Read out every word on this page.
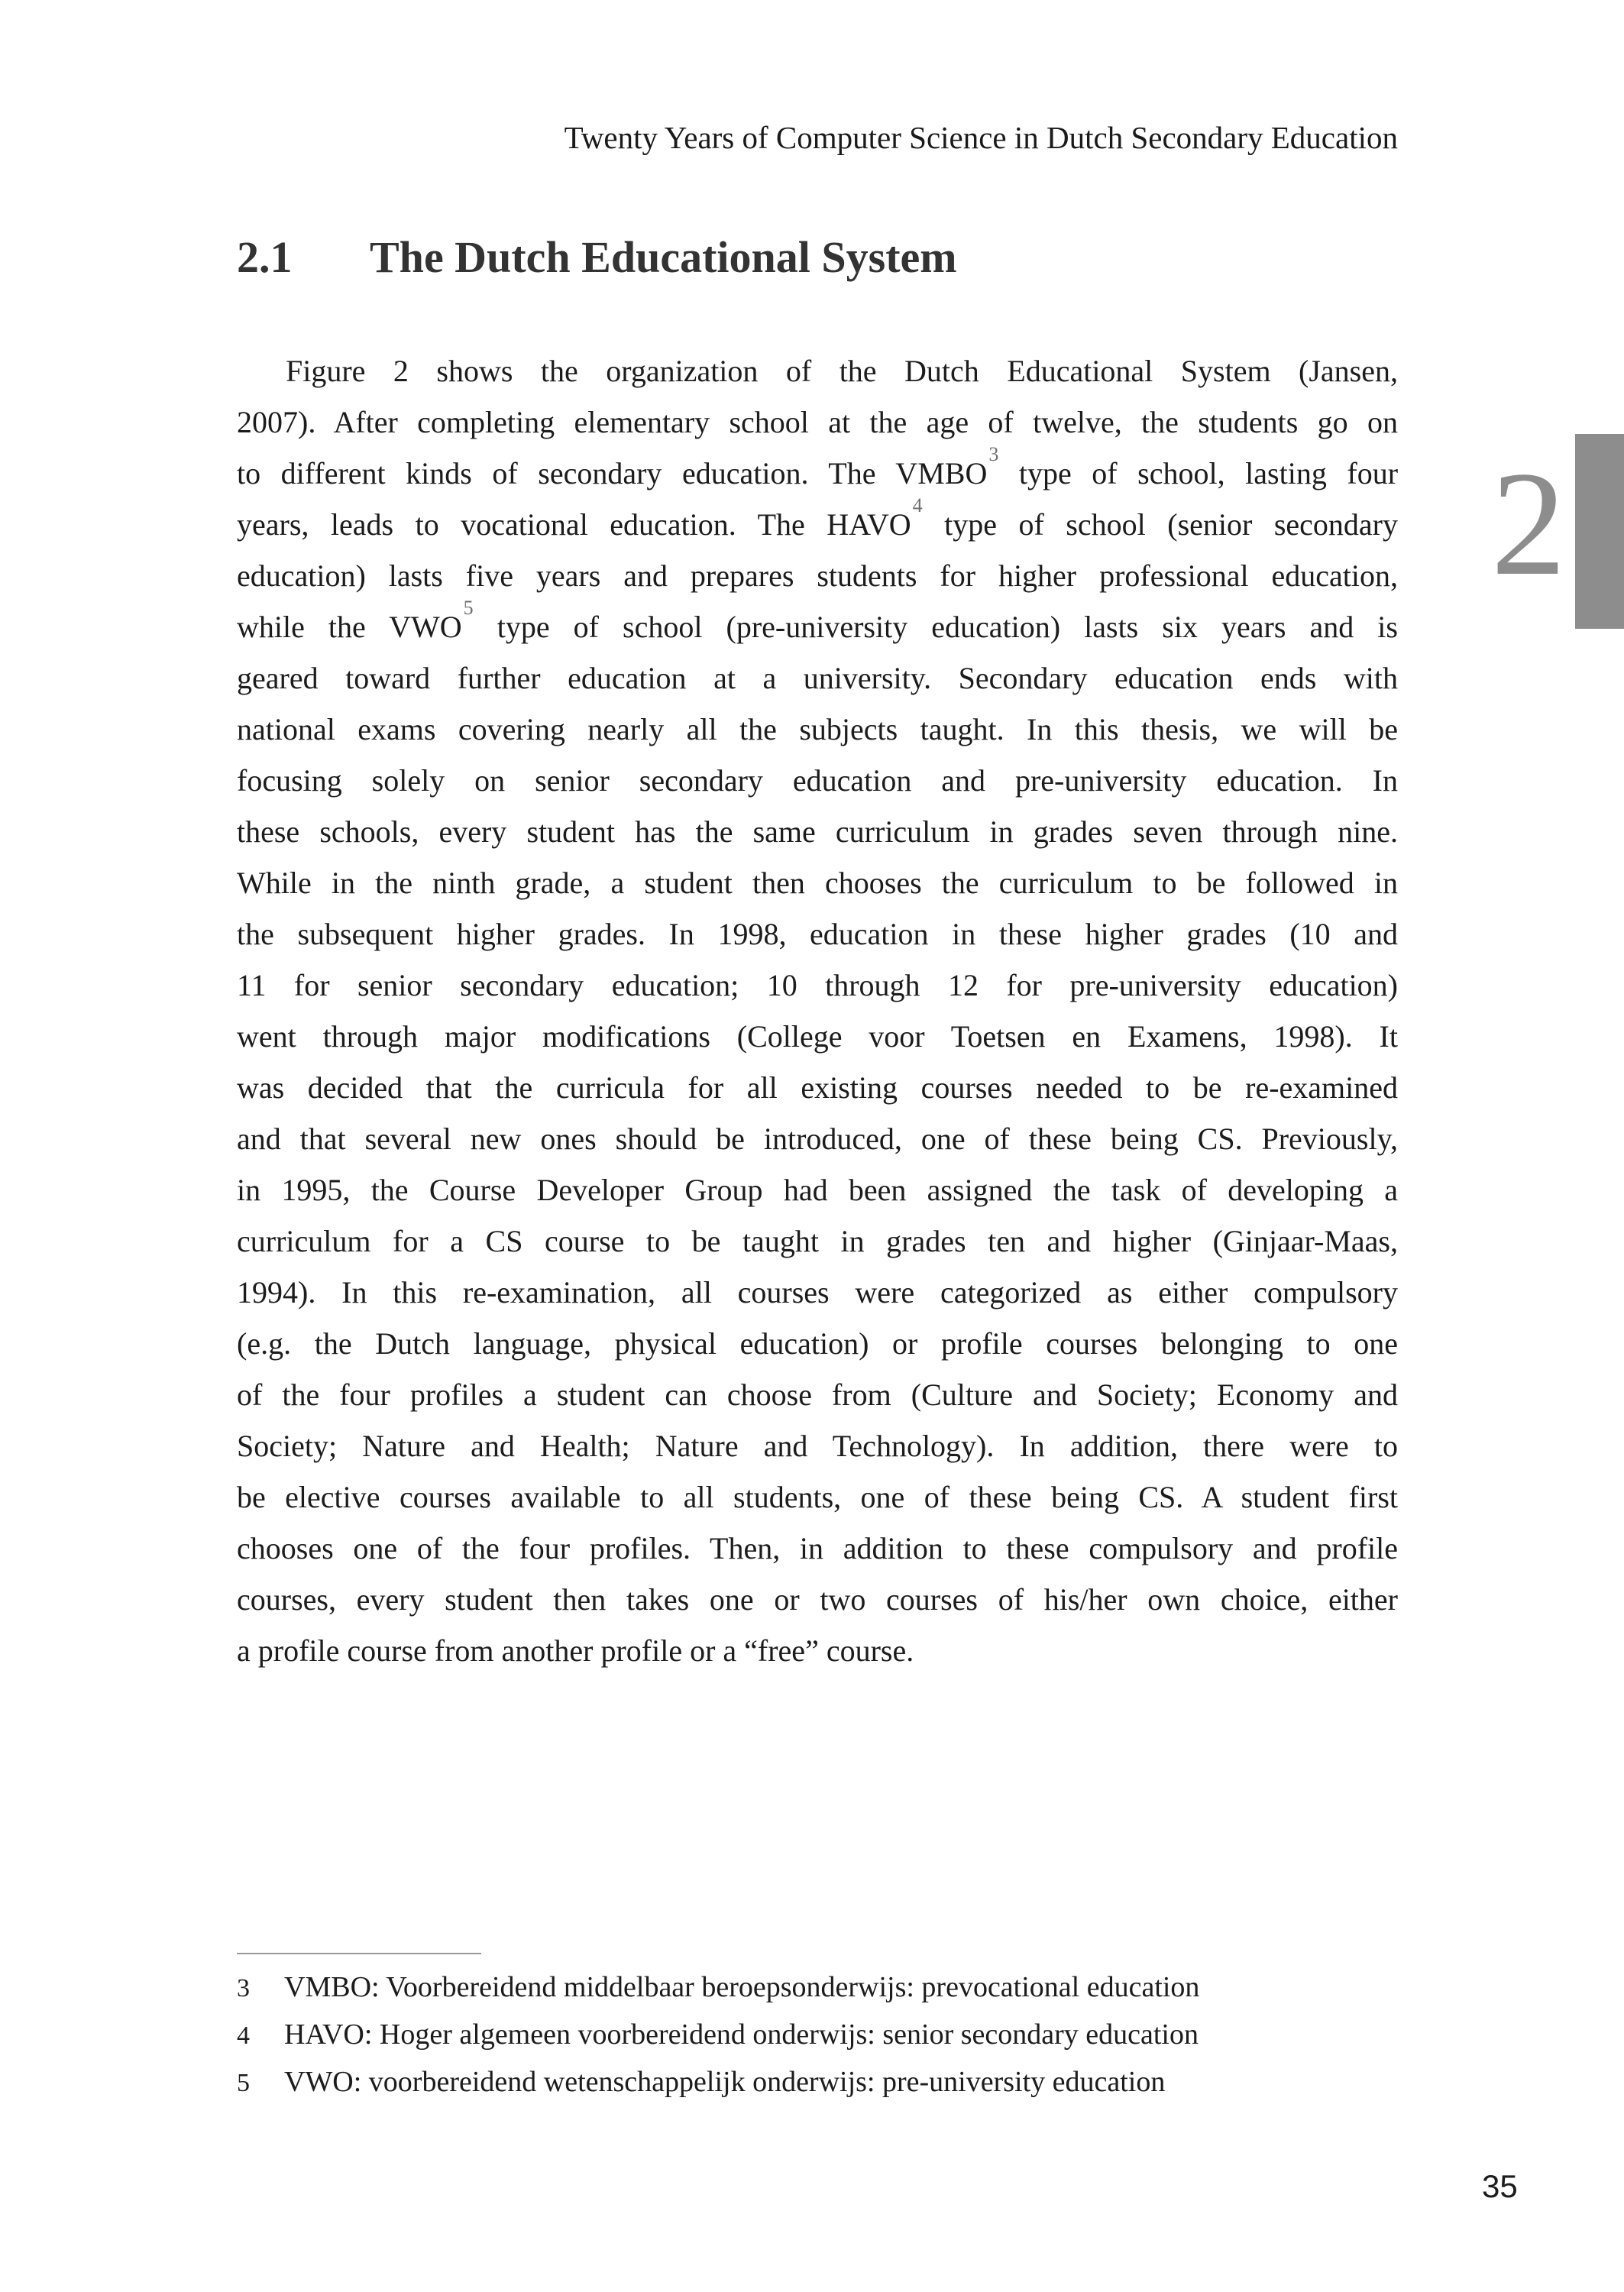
Twenty Years of Computer Science in Dutch Secondary Education
2
2.1 The Dutch Educational System
Figure 2 shows the organization of the Dutch Educational System (Jansen,
2007). After completing elementary school at the age of twelve, the students go on
to different kinds of secondary education. The VMBO$^3$ type of school, lasting four
years, leads to vocational education. The HAVO$^4$ type of school (senior secondary
education) lasts five years and prepares students for higher professional education,
while the VWO$^5$ type of school (pre-university education) lasts six years and is
geared toward further education at a university. Secondary education ends with
national exams covering nearly all the subjects taught. In this thesis, we will be
focusing solely on senior secondary education and pre-university education. In
these schools, every student has the same curriculum in grades seven through nine.
While in the ninth grade, a student then chooses the curriculum to be followed in
the subsequent higher grades. In 1998, education in these higher grades (10 and
11 for senior secondary education; 10 through 12 for pre-university education)
went through major modifications (College voor Toetsen en Examens, 1998). It
was decided that the curricula for all existing courses needed to be re-examined
and that several new ones should be introduced, one of these being CS. Previously,
in 1995, the Course Developer Group had been assigned the task of developing a
curriculum for a CS course to be taught in grades ten and higher (Ginjaar-Maas,
1994). In this re-examination, all courses were categorized as either compulsory
(e.g. the Dutch language, physical education) or profile courses belonging to one
of the four profiles a student can choose from (Culture and Society; Economy and
Society; Nature and Health; Nature and Technology). In addition, there were to
be elective courses available to all students, one of these being CS. A student first
chooses one of the four profiles. Then, in addition to these compulsory and profile
courses, every student then takes one or two courses of his/her own choice, either
a profile course from another profile or a “free” course.
3 VMBO: Voorbereidend middelbaar beroepsonderwijs: prevocational education
4 HAVO: Hoger algemeen voorbereidend onderwijs: senior secondary education
5 VWO: voorbereidend wetenschappelijk onderwijs: pre-university education
35
